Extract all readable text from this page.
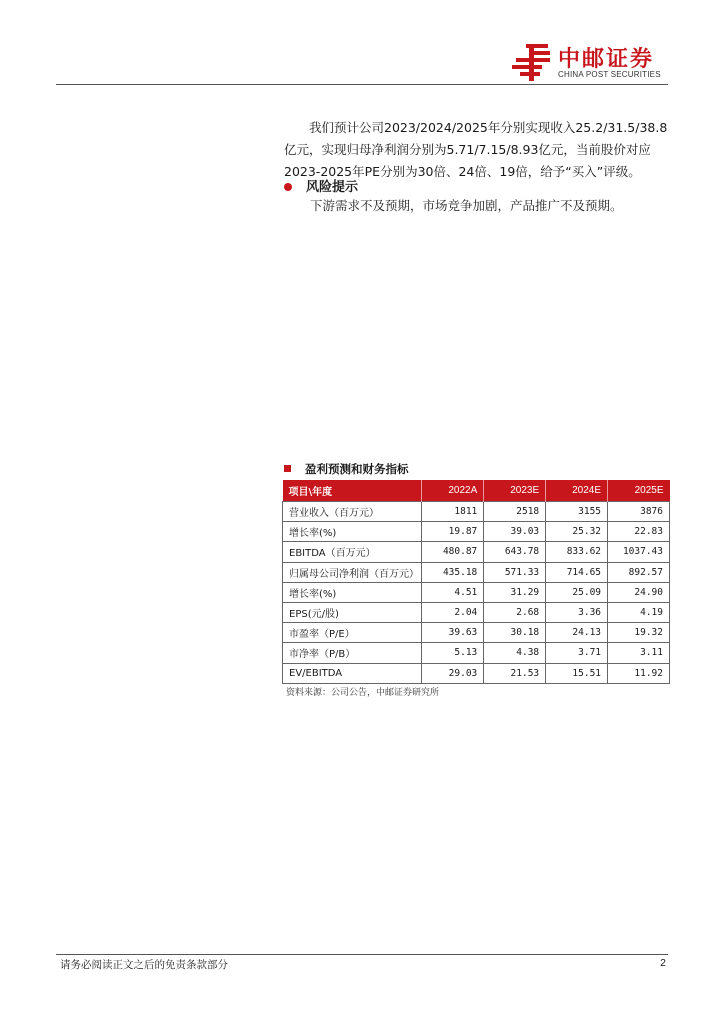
中邮证券
CHINA POST SECURITIES

我们预计公司2023/2024/2025年分别实现收入25.2/31.5/38.8

亿元，实现归母净利润分别为5.71/7.15/8.93亿元，当前股价对应

2023-2025年PE分别为30倍、24倍、19倍，给予“买入”评级。

风险提示
下游需求不及预期，市场竞争加剧，产品推广不及预期。
盈利预测和财务指标
项目\年度	2022A	2023E	2024E	2025E
营业收入（百万元）	1811	2518	3155	3876
增长率(%)	19.87	39.03	25.32	22.83
EBITDA（百万元）	480.87	643.78	833.62	1037.43
归属母公司净利润（百万元）	435.18	571.33	714.65	892.57
增长率(%)	4.51	31.29	25.09	24.90
EPS(元/股)	2.04	2.68	3.36	4.19
市盈率（P/E）	39.63	30.18	24.13	19.32
市净率（P/B）	5.13	4.38	3.71	3.11
EV/EBITDA	29.03	21.53	15.51	11.92
资料来源：公司公告，中邮证券研究所
请务必阅读正文之后的免责条款部分	2
